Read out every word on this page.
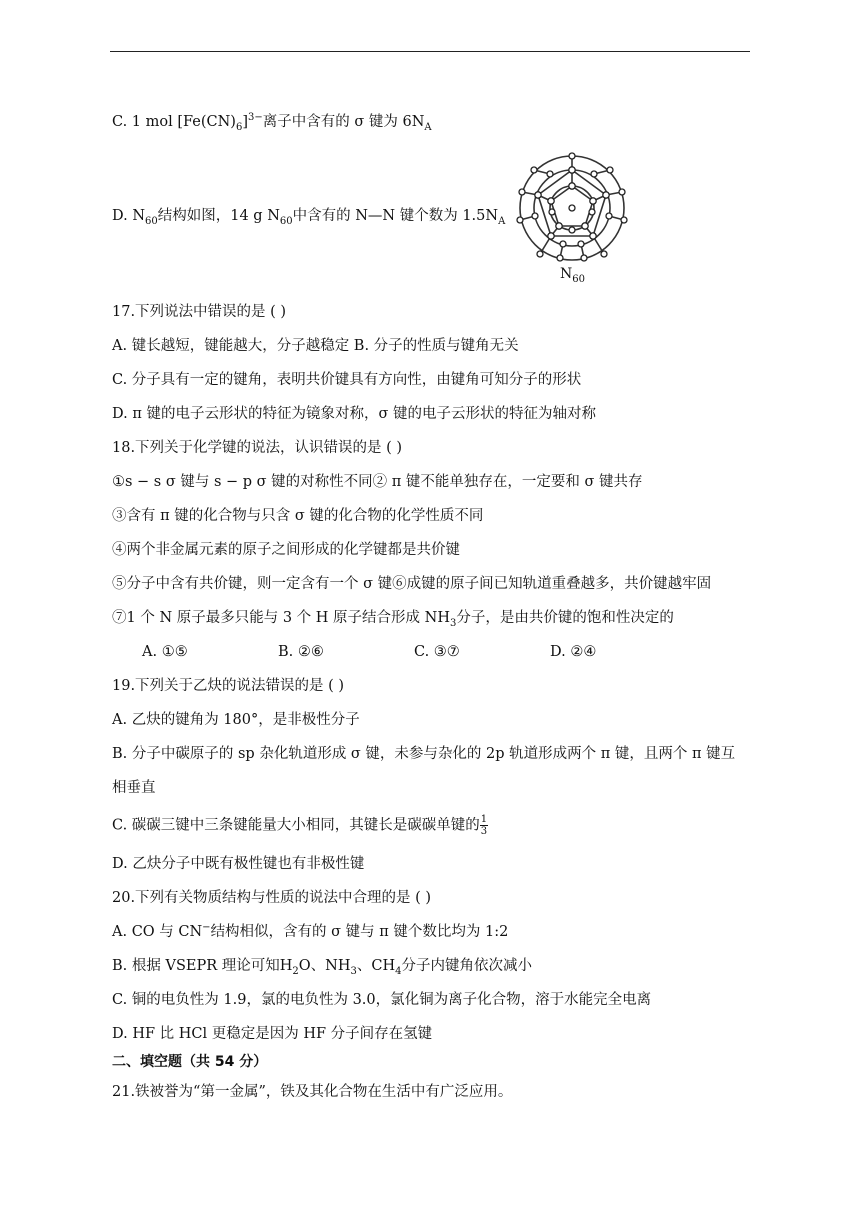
C. 1 mol $[Fe(CN)_6]^{3-}$离子中含有的 σ 键为 $6N_A$
D. $N_{60}$结构如图，14 g $N_{60}$中含有的 N—N 键个数为 $1.5N_A$
$N_{60}$
17.下列说法中错误的是 ( )
A. 键长越短，键能越大，分子越稳定 B. 分子的性质与键角无关
C. 分子具有一定的键角，表明共价键具有方向性，由键角可知分子的形状
D. π 键的电子云形状的特征为镜象对称，σ 键的电子云形状的特征为轴对称
18.下列关于化学键的说法，认识错误的是 ( )
①s − s σ 键与 s − p σ 键的对称性不同② π 键不能单独存在，一定要和 σ 键共存
③含有 π 键的化合物与只含 σ 键的化合物的化学性质不同
④两个非金属元素的原子之间形成的化学键都是共价键
⑤分子中含有共价键，则一定含有一个 σ 键⑥成键的原子间已知轨道重叠越多，共价键越牢固
⑦1 个 N 原子最多只能与 3 个 H 原子结合形成 $NH_3$分子，是由共价键的饱和性决定的
A. ①⑤	B. ②⑥	C. ③⑦	D. ②④
19.下列关于乙炔的说法错误的是 ( )
A. 乙炔的键角为 180°，是非极性分子
B. 分子中碳原子的 sp 杂化轨道形成 σ 键，未参与杂化的 2p 轨道形成两个 π 键，且两个 π 键互
相垂直
C. 碳碳三键中三条键能量大小相同，其键长是碳碳单键的 $\frac{1}{3}$
D. 乙炔分子中既有极性键也有非极性键
20.下列有关物质结构与性质的说法中合理的是 ( )
A. CO 与 CN−结构相似，含有的 σ 键与 π 键个数比均为 1:2
B. 根据 VSEPR 理论可知$H_2O$、$NH_3$、$CH_4$分子内键角依次减小
C. 铜的电负性为 1.9，氯的电负性为 3.0，氯化铜为离子化合物，溶于水能完全电离
D. HF 比 HCl 更稳定是因为 HF 分子间存在氢键
二、填空题（共 54 分）
21.铁被誉为“第一金属”，铁及其化合物在生活中有广泛应用。
